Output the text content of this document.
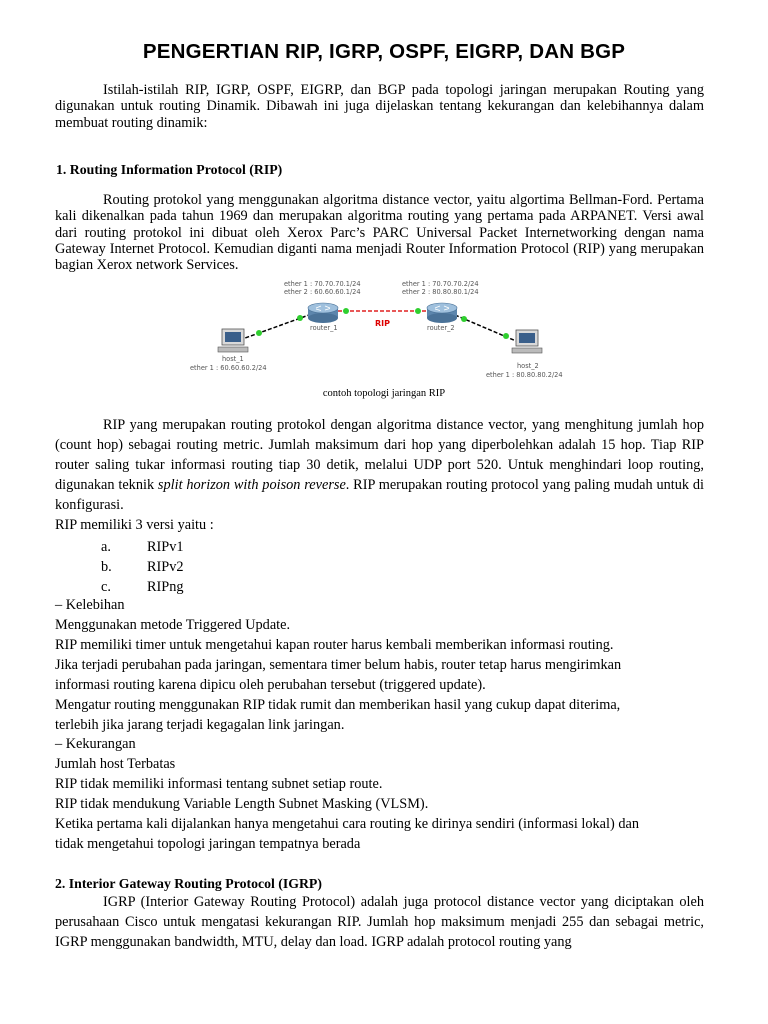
PENGERTIAN RIP, IGRP, OSPF, EIGRP, DAN BGP

Istilah-istilah RIP, IGRP, OSPF, EIGRP, dan BGP pada topologi jaringan merupakan Routing yang digunakan untuk routing Dinamik. Dibawah ini juga dijelaskan tentang kekurangan dan kelebihannya dalam membuat routing dinamik:

1. Routing Information Protocol (RIP)

Routing protokol yang menggunakan algoritma distance vector, yaitu algortima Bellman-Ford. Pertama kali dikenalkan pada tahun 1969 dan merupakan algoritma routing yang pertama pada ARPANET. Versi awal dari routing protokol ini dibuat oleh Xerox Parc’s PARC Universal Packet Internetworking dengan nama Gateway Internet Protocol. Kemudian diganti nama menjadi Router Information Protocol (RIP) yang merupakan bagian Xerox network Services.

ether 1 : 70.70.70.1/24
ether 2 : 60.60.60.1/24
ether 1 : 70.70.70.2/24
ether 2 : 80.80.80.1/24
router_1	router_2
RIP
host_1
ether 1 : 60.60.60.2/24	host_2
ether 1 : 80.80.80.2/24
contoh topologi jaringan RIP

RIP yang merupakan routing protokol dengan algoritma distance vector, yang menghitung jumlah hop (count hop) sebagai routing metric. Jumlah maksimum dari hop yang diperbolehkan adalah 15 hop. Tiap RIP router saling tukar informasi routing tiap 30 detik, melalui UDP port 520. Untuk menghindari loop routing, digunakan teknik split horizon with poison reverse. RIP merupakan routing protocol yang paling mudah untuk di konfigurasi.

RIP memiliki 3 versi yaitu :

a.	RIPv1

b. RIPv2

c.	RIPng

– Kelebihan

Menggunakan metode Triggered Update.

RIP memiliki timer untuk mengetahui kapan router harus kembali memberikan informasi routing.

Jika terjadi perubahan pada jaringan, sementara timer belum habis, router tetap harus mengirimkan

informasi routing karena dipicu oleh perubahan tersebut (triggered update).

Mengatur routing menggunakan RIP tidak rumit dan memberikan hasil yang cukup dapat diterima,

terlebih jika jarang terjadi kegagalan link jaringan.

– Kekurangan

Jumlah host Terbatas

RIP tidak memiliki informasi tentang subnet setiap route.

RIP tidak mendukung Variable Length Subnet Masking (VLSM).

Ketika pertama kali dijalankan hanya mengetahui cara routing ke dirinya sendiri (informasi lokal) dan

tidak mengetahui topologi jaringan tempatnya berada

2. Interior Gateway Routing Protocol (IGRP)

IGRP (Interior Gateway Routing Protocol) adalah juga protocol distance vector yang diciptakan oleh perusahaan Cisco untuk mengatasi kekurangan RIP. Jumlah hop maksimum menjadi 255 dan sebagai metric, IGRP menggunakan bandwidth, MTU, delay dan load. IGRP adalah protocol routing yang
